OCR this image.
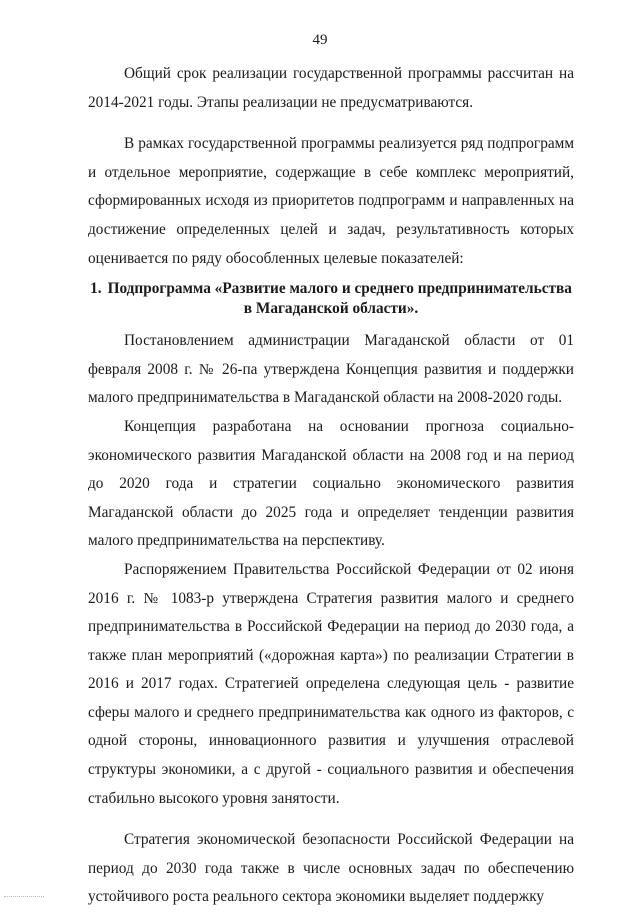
49

Общий срок реализации государственной программы рассчитан на 2014-2021 годы. Этапы реализации не предусматриваются.

В рамках государственной программы реализуется ряд подпрограмм и отдельное мероприятие, содержащие в себе комплекс мероприятий, сформированных исходя из приоритетов подпрограмм и направленных на достижение определенных целей и задач, результативность которых оценивается по ряду обособленных целевые показателей:

1. Подпрограмма «Развитие малого и среднего предпринимательства
в Магаданской области».

Постановлением администрации Магаданской области от 01 февраля 2008 г. № 26-па утверждена Концепция развития и поддержки малого предпринимательства в Магаданской области на 2008-2020 годы.

Концепция разработана на основании прогноза социально-экономического развития Магаданской области на 2008 год и на период до 2020 года и стратегии социально экономического развития Магаданской области до 2025 года и определяет тенденции развития малого предпринимательства на перспективу.

Распоряжением Правительства Российской Федерации от 02 июня 2016 г. № 1083-р утверждена Стратегия развития малого и среднего предпринимательства в Российской Федерации на период до 2030 года, а также план мероприятий («дорожная карта») по реализации Стратегии в 2016 и 2017 годах. Стратегией определена следующая цель - развитие сферы малого и среднего предпринимательства как одного из факторов, с одной стороны, инновационного развития и улучшения отраслевой структуры экономики, а с другой - социального развития и обеспечения стабильно высокого уровня занятости.

Стратегия экономической безопасности Российской Федерации на период до 2030 года также в числе основных задач по обеспечению устойчивого роста реального сектора экономики выделяет поддержку
